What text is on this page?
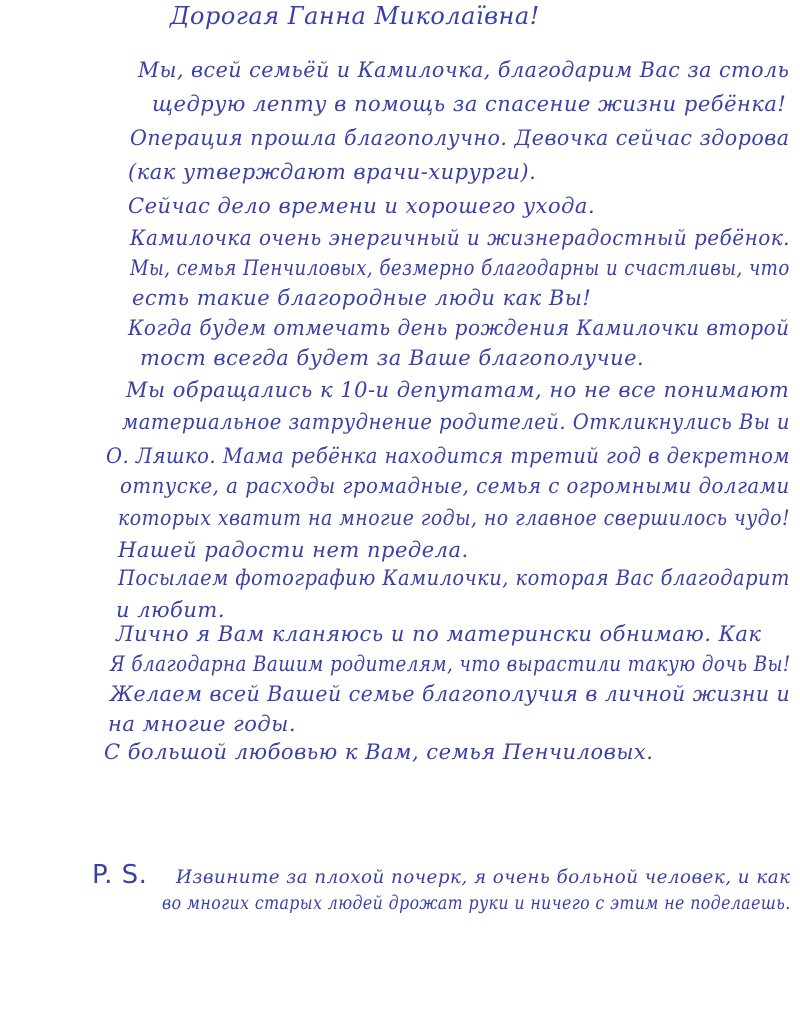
Дорогая Ганна Миколаївна!
Мы, всей семьёй и Камилочка, благодарим Вас за столь
щедрую лепту в помощь за спасение жизни ребёнка!
Операция прошла благополучно. Девочка сейчас здорова
(как утверждают врачи-хирурги).
Сейчас дело времени и хорошего ухода.
Камилочка очень энергичный и жизнерадостный ребёнок.
Мы, семья Пенчиловых, безмерно благодарны и счастливы, что
есть такие благородные люди как Вы!
Когда будем отмечать день рождения Камилочки второй
тост всегда будет за Ваше благополучие.
Мы обращались к 10-и депутатам, но не все понимают
материальное затруднение родителей. Откликнулись Вы и
О. Ляшко. Мама ребёнка находится третий год в декретном
отпуске, а расходы громадные, семья с огромными долгами
которых хватит на многие годы, но главное свершилось чудо!
Нашей радости нет предела.
Посылаем фотографию Камилочки, которая Вас благодарит
и любит.
Лично я Вам кланяюсь и по матерински обнимаю. Как
Я благодарна Вашим родителям, что вырастили такую дочь Вы!
Желаем всей Вашей семье благополучия в личной жизни и
на многие годы.
С большой любовью к Вам, семья Пенчиловых.
P. S. Извините за плохой почерк, я очень больной человек, и как
во многих старых людей дрожат руки и ничего с этим не поделаешь.
